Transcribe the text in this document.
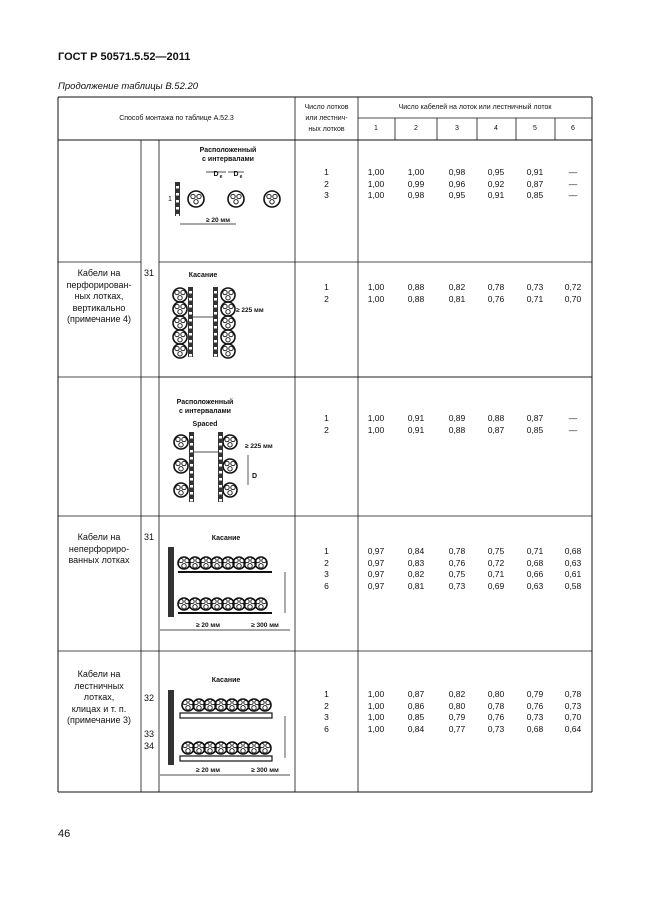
ГОСТ Р 50571.5.52—2011
Продолжение таблицы В.52.20
Способ монтажа по таблице А.52.3
Число лотков
или лестнич-
ных лотков
Число кабелей на лоток или лестничный лоток
1	2	3	4	5	6
1	1,00	1,00	0,98	0,95	0,91	—
2	1,00	0,99	0,96	0,92	0,87	—
3	1,00	0,98	0,95	0,91	0,85	—
1	1,00	0,88	0,82	0,78	0,73	0,72
2	1,00	0,88	0,81	0,76	0,71	0,70
Кабели на
перфорирован-
ных лотках,
вертикально
(примечание 4)
31
1	1,00	0,91	0,89	0,88	0,87	—
2	1,00	0,91	0,88	0,87	0,85	—
1	0,97	0,84	0,78	0,75	0,71	0,68
2	0,97	0,83	0,76	0,72	0,68	0,63
3	0,97	0,82	0,75	0,71	0,66	0,61
6	0,97	0,81	0,73	0,69	0,63	0,58
Кабели на
неперфориро-
ванных лотках
31
1	1,00	0,87	0,82	0,80	0,79	0,78
2	1,00	0,86	0,80	0,78	0,76	0,73
3	1,00	0,85	0,79	0,76	0,73	0,70
6	1,00	0,84	0,77	0,73	0,68	0,64
Кабели на
лестничных
лотках,
клицах и т. п.
(примечание 3)
32
33
34
Расположенный
с интервалами
1
D e D e
≥ 20 мм
Касание
≥ 225 мм
Расположенный
с интервалами
Spaced
≥ 225 мм
D
Касание
≥ 20 мм	≥ 300 мм
Касание
≥ 20 мм	≥ 300 мм
46
